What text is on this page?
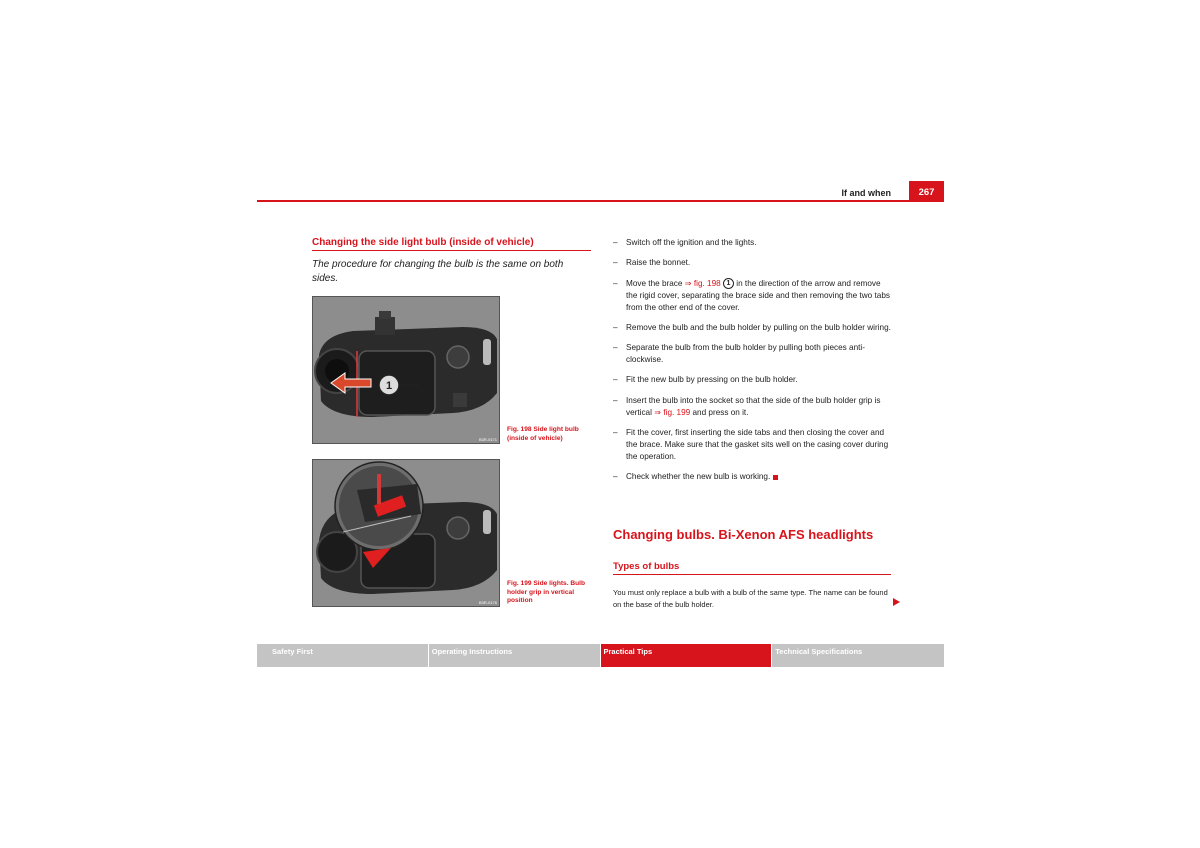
If and when	267
Changing the side light bulb (inside of vehicle)
The procedure for changing the bulb is the same on both sides.
1
B3R-0171
Fig. 198 Side light bulb (inside of vehicle)
B3R-0176
Fig. 199 Side lights. Bulb holder grip in vertical position
– Switch off the ignition and the lights.
– Raise the bonnet.
– Move the brace ⇒ fig. 198 1 in the direction of the arrow and remove the rigid cover, separating the brace side and then removing the two tabs from the other end of the cover.
– Remove the bulb and the bulb holder by pulling on the bulb holder wiring.
– Separate the bulb from the bulb holder by pulling both pieces anti-clockwise.
– Fit the new bulb by pressing on the bulb holder.
– Insert the bulb into the socket so that the side of the bulb holder grip is vertical ⇒ fig. 199 and press on it.
– Fit the cover, first inserting the side tabs and then closing the cover and the brace. Make sure that the gasket sits well on the casing cover during the operation.
– Check whether the new bulb is working.
Changing bulbs. Bi-Xenon AFS headlights
Types of bulbs
You must only replace a bulb with a bulb of the same type. The name can be found on the base of the bulb holder.
Safety First	Operating Instructions	Practical Tips	Technical Specifications
